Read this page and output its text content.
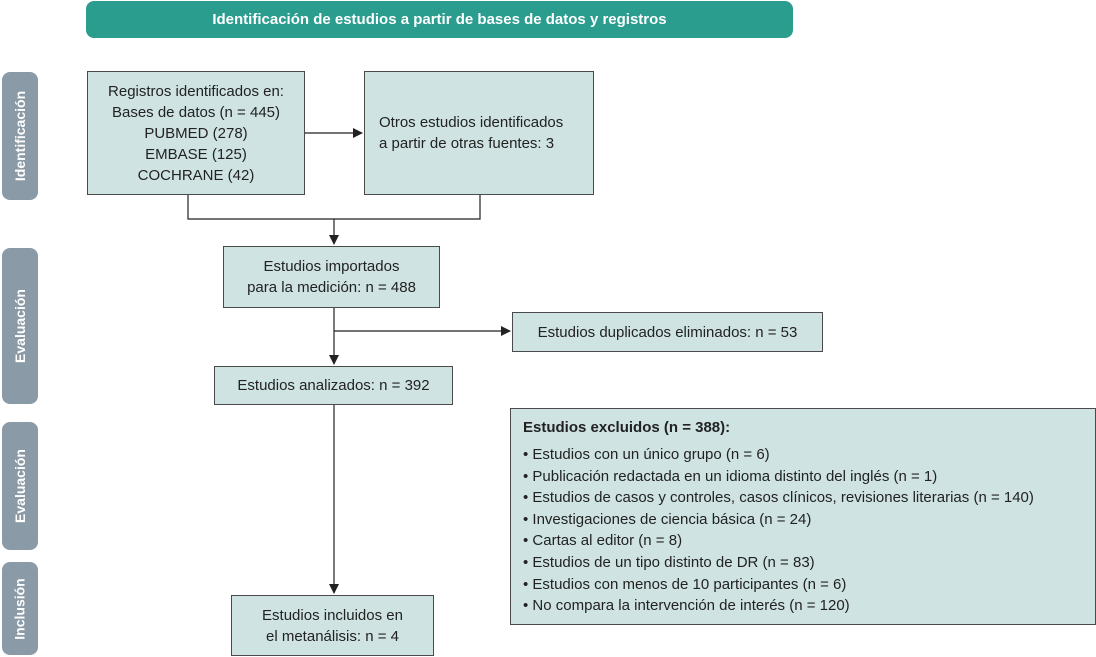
Identificación de estudios a partir de bases de datos y registros
Identificación
Evaluación
Evaluación
Inclusión
Registros identificados en:
Bases de datos (n = 445)
PUBMED (278)
EMBASE (125)
COCHRANE (42)
Otros estudios identificados
a partir de otras fuentes: 3
Estudios importados
para la medición: n = 488
Estudios duplicados eliminados: n = 53
Estudios analizados: n = 392
Estudios excluidos (n = 388):
• Estudios con un único grupo (n = 6)
• Publicación redactada en un idioma distinto del inglés (n = 1)
• Estudios de casos y controles, casos clínicos, revisiones literarias (n = 140)
• Investigaciones de ciencia básica (n = 24)
• Cartas al editor (n = 8)
• Estudios de un tipo distinto de DR (n = 83)
• Estudios con menos de 10 participantes (n = 6)
• No compara la intervención de interés (n = 120)
Estudios incluidos en
el metanálisis: n = 4
